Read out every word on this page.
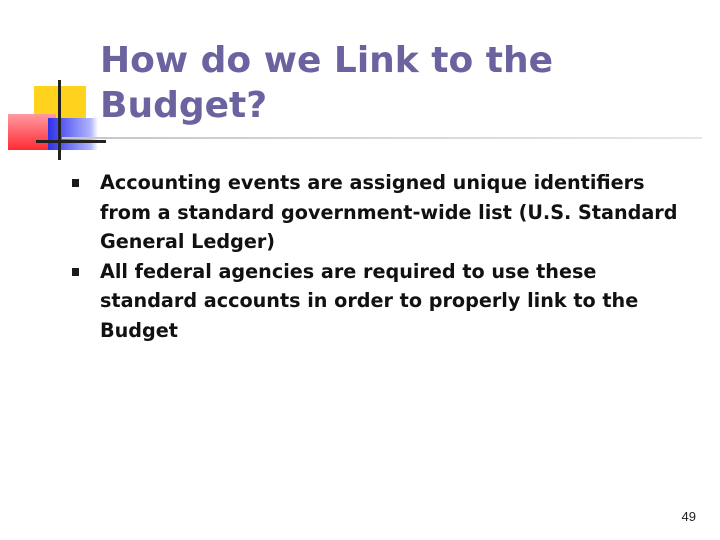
How do we Link to the Budget?
Accounting events are assigned unique identifiers from a standard government-wide list (U.S. Standard General Ledger)
All federal agencies are required to use these standard accounts in order to properly link to the Budget
49
